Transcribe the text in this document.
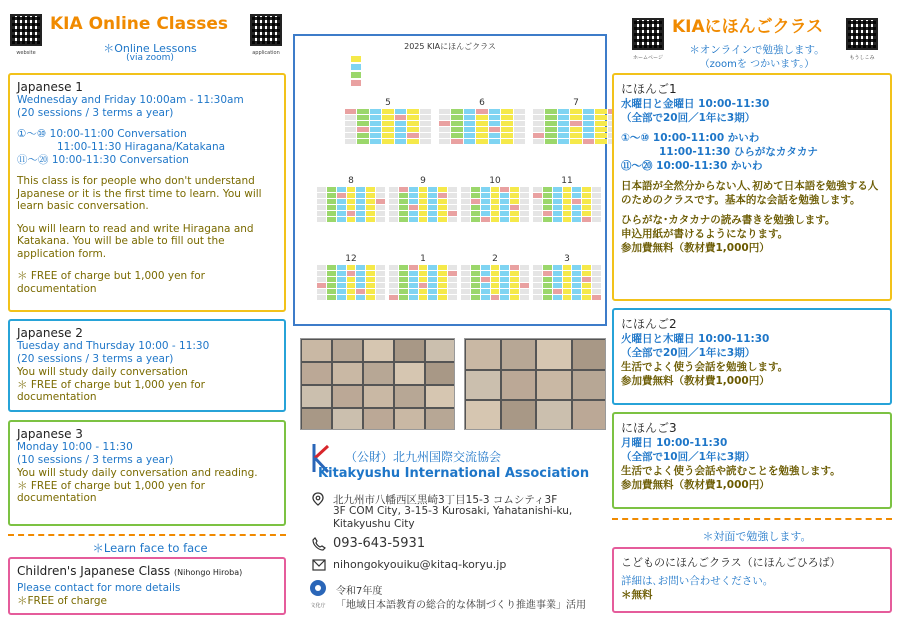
website
KIA Online Classes
application
＊Online Lessons
(via zoom)
Japanese 1
Wednesday and Friday 10:00am - 11:30am
(20 sessions / 3 terms a year)
①〜⑩ 10:00-11:00 Conversation
11:00-11:30 Hiragana/Katakana
⑪〜⑳ 10:00-11:30 Conversation
This class is for people who don't understand Japanese or it is the first time to learn. You will learn basic conversation.
You will learn to read and write Hiragana and Katakana. You will be able to fill out the application form.
＊ FREE of charge but 1,000 yen for documentation
Japanese 2
Tuesday and Thursday 10:00 - 11:30
(20 sessions / 3 terms a year)
You will study daily conversation
＊ FREE of charge but 1,000 yen for documentation
Japanese 3
Monday 10:00 - 11:30
(10 sessions / 3 terms a year)
You will study daily conversation and reading.
＊ FREE of charge but 1,000 yen for documentation
＊Learn face to face
Children's Japanese Class (Nihongo Hiroba)
Please contact for more details
＊FREE of charge
2025 KIAにほんごクラス
5	6	7
8	9	10	11
12	1	2	3
（公財）北九州国際交流協会
Kitakyushu International Association
北九州市八幡西区黒崎3丁目15-3 コムシティ3F
3F COM City, 3-15-3 Kurosaki, Yahatanishi-ku, Kitakyushu City
093-643-5931
nihongokyouiku@kitaq-koryu.jp
文化庁
令和7年度
「地域日本語教育の総合的な体制づくり推進事業」活用
ホームページ
KIAにほんごクラス
もうしこみ
＊オンラインで勉強します。
（zoomを つかいます。）
にほんご1
水曜日と金曜日 10:00-11:30
（全部で20回／1年に3期）
①〜⑩ 10:00-11:00 かいわ
11:00-11:30 ひらがなカタカナ
⑪〜⑳ 10:00-11:30 かいわ
日本語が全然分からない人､初めて日本語を勉強する人のためのクラスです。基本的な会話を勉強します。
ひらがな･カタカナの読み書きを勉強します。
申込用紙が書けるようになります。
参加費無料（教材費1,000円）
にほんご2
火曜日と木曜日 10:00-11:30
（全部で20回／1年に3期）
生活でよく使う会話を勉強します。
参加費無料（教材費1,000円）
にほんご3
月曜日 10:00-11:30
（全部で10回／1年に3期）
生活でよく使う会話や読むことを勉強します。
参加費無料（教材費1,000円）
＊対面で勉強します。
こどものにほんごクラス（にほんごひろば）
詳細は､お問い合わせください。
＊無料
